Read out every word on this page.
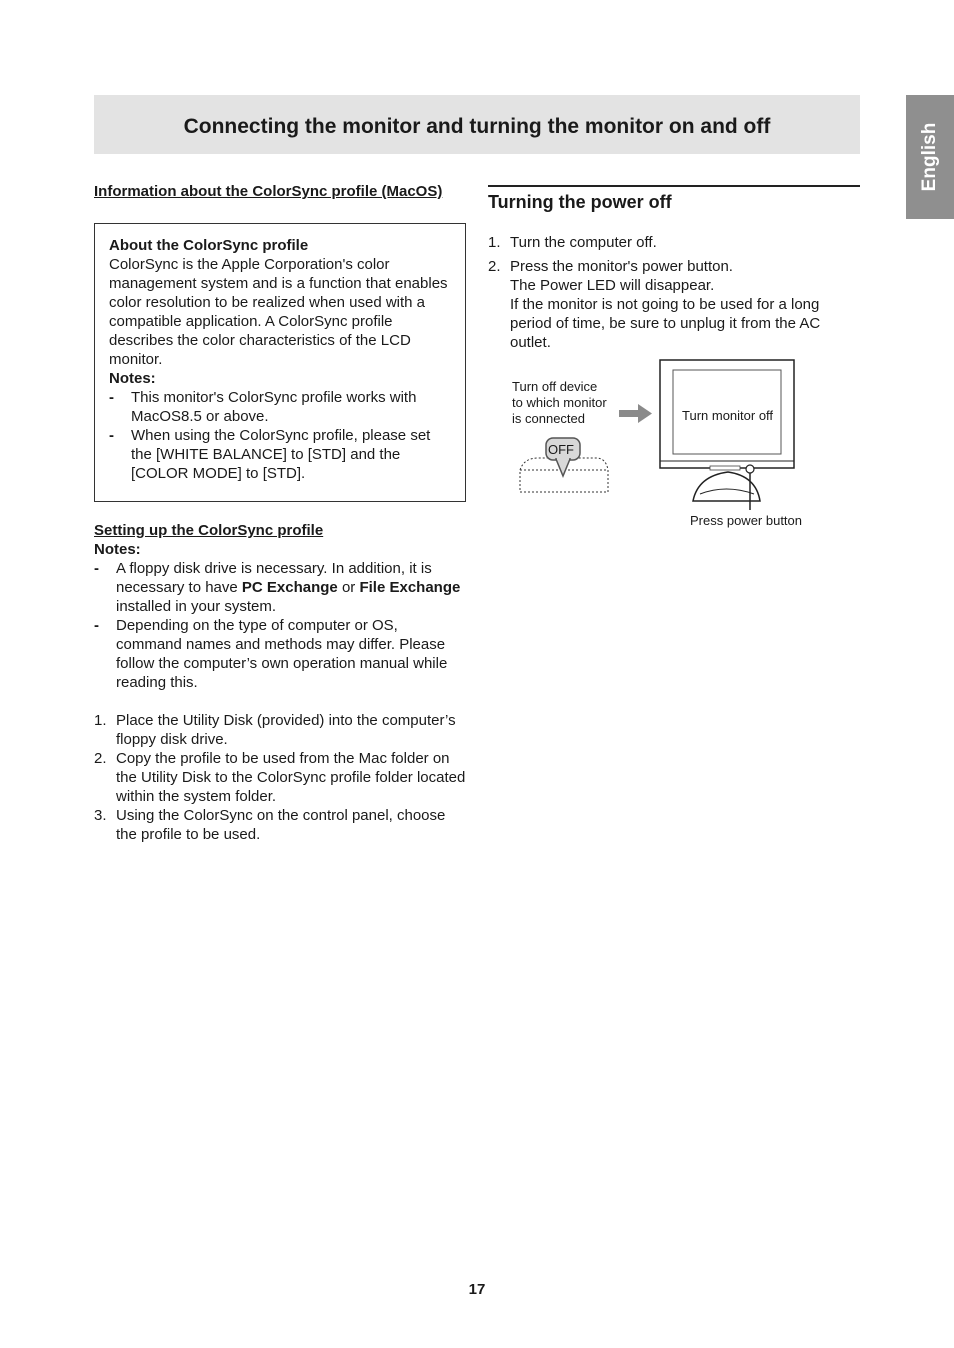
Connecting the monitor and turning the monitor on and off	English

Information about the ColorSync profile (MacOS)

About the ColorSync profile
ColorSync is the Apple Corporation's color management system and is a function that enables color resolution to be realized when used with a compatible application. A ColorSync profile describes the color characteristics of the LCD monitor.
Notes:
- This monitor's ColorSync profile works with MacOS8.5 or above.
- When using the ColorSync profile, please set the [WHITE BALANCE] to [STD] and the [COLOR MODE] to [STD].
Setting up the ColorSync profile
Notes:
- A floppy disk drive is necessary. In addition, it is necessary to have PC Exchange or File Exchange installed in your system.
- Depending on the type of computer or OS, command names and methods may differ. Please follow the computer’s own operation manual while reading this.
1. Place the Utility Disk (provided) into the computer’s floppy disk drive.
2. Copy the profile to be used from the Mac folder on the Utility Disk to the ColorSync profile folder located within the system folder.
3. Using the ColorSync on the control panel, choose the profile to be used.
Turning the power off
1. Turn the computer off.
2. Press the monitor's power button.
The Power LED will disappear.
If the monitor is not going to be used for a long period of time, be sure to unplug it from the AC outlet.
Turn off device
to which monitor
is connected
OFF
Turn monitor off
Press power button
17
